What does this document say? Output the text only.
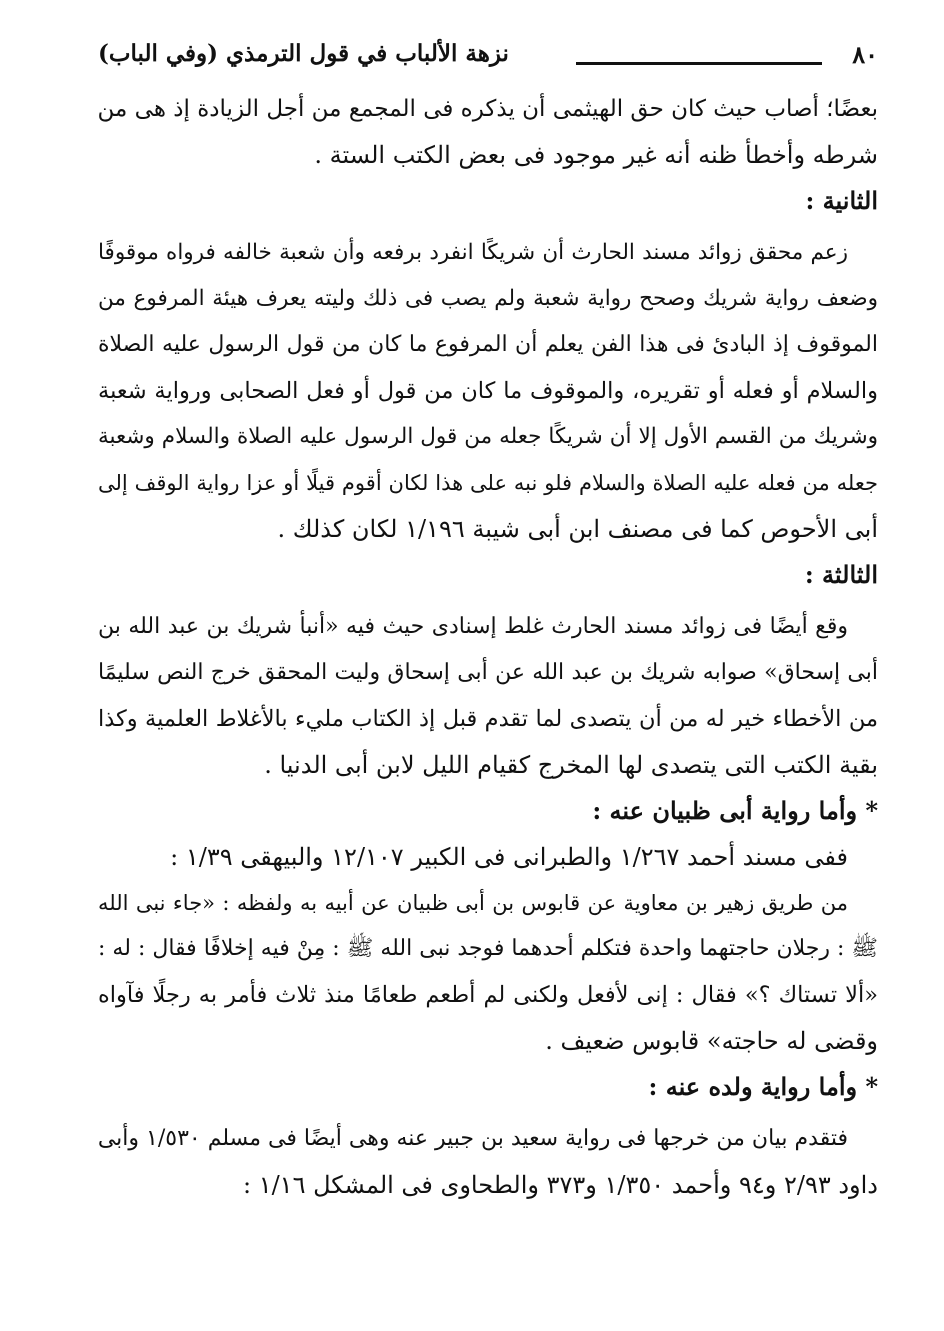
٨٠
نزهة الألباب في قول الترمذي (وفي الباب)
بعضًا؛ أصاب حيث كان حق الهيثمى أن يذكره فى المجمع من أجل الزيادة إذ هى من
شرطه وأخطأ ظنه أنه غير موجود فى بعض الكتب الستة .
الثانية :
زعم محقق زوائد مسند الحارث أن شريكًا انفرد برفعه وأن شعبة خالفه فرواه موقوفًا
وضعف رواية شريك وصحح رواية شعبة ولم يصب فى ذلك وليته يعرف هيئة المرفوع من
الموقوف إذ البادئ فى هذا الفن يعلم أن المرفوع ما كان من قول الرسول عليه الصلاة
والسلام أو فعله أو تقريره، والموقوف ما كان من قول أو فعل الصحابى ورواية شعبة
وشريك من القسم الأول إلا أن شريكًا جعله من قول الرسول عليه الصلاة والسلام وشعبة
جعله من فعله عليه الصلاة والسلام فلو نبه على هذا لكان أقوم قيلًا أو عزا رواية الوقف إلى
أبى الأحوص كما فى مصنف ابن أبى شيبة ١/١٩٦ لكان كذلك .
الثالثة :
وقع أيضًا فى زوائد مسند الحارث غلط إسنادى حيث فيه «أنبأ شريك بن عبد الله بن
أبى إسحاق» صوابه شريك بن عبد الله عن أبى إسحاق وليت المحقق خرج النص سليمًا
من الأخطاء خير له من أن يتصدى لما تقدم قبل إذ الكتاب مليء بالأغلاط العلمية وكذا
بقية الكتب التى يتصدى لها المخرج كقيام الليل لابن أبى الدنيا .
* وأما رواية أبى ظبيان عنه :
ففى مسند أحمد ١/٢٦٧ والطبرانى فى الكبير ١٢/١٠٧ والبيهقى ١/٣٩ :
من طريق زهير بن معاوية عن قابوس بن أبى ظبيان عن أبيه به ولفظه : «جاء نبى الله
ﷺ : رجلان حاجتهما واحدة فتكلم أحدهما فوجد نبى الله ﷺ : مِنْ فيه إخلافًا فقال : له :
«ألا تستاك ؟» فقال : إنى لأفعل ولكنى لم أطعم طعامًا منذ ثلاث فأمر به رجلًا فآواه
وقضى له حاجته» قابوس ضعيف .
* وأما رواية ولده عنه :
فتقدم بيان من خرجها فى رواية سعيد بن جبير عنه وهى أيضًا فى مسلم ١/٥٣٠ وأبى
داود ٢/٩٣ و٩٤ وأحمد ١/٣٥٠ و٣٧٣ والطحاوى فى المشكل ١/١٦ :
